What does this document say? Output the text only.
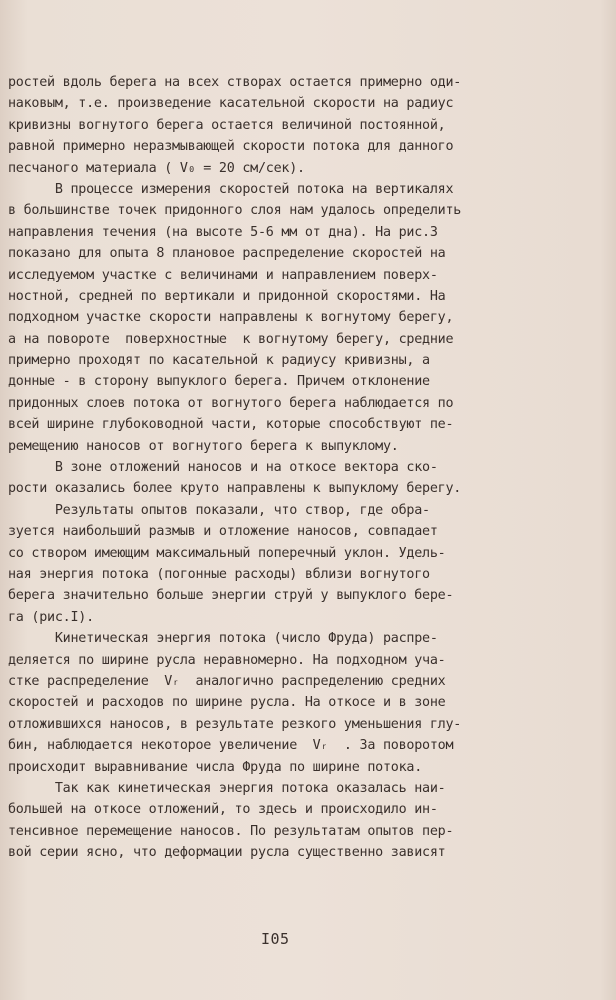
ростей вдоль берега на всех створах остается примерно оди-
наковым, т.е. произведение касательной скорости на радиус
кривизны вогнутого берега остается величиной постоянной,
равной примерно неразмывающей скорости потока для данного
песчаного материала ( V₀ = 20 см/сек).
В процессе измерения скоростей потока на вертикалях
в большинстве точек придонного слоя нам удалось определить
направления течения (на высоте 5-6 мм от дна). На рис.3
показано для опыта 8 плановое распределение скоростей на
исследуемом участке с величинами и направлением поверх-
ностной, средней по вертикали и придонной скоростями. На
подходном участке скорости направлены к вогнутому берегу,
а на повороте  поверхностные  к вогнутому берегу, средние
примерно проходят по касательной к радиусу кривизны, а
донные - в сторону выпуклого берега. Причем отклонение
придонных слоев потока от вогнутого берега наблюдается по
всей ширине глубоководной части, которые способствуют пе-
ремещению наносов от вогнутого берега к выпуклому.
В зоне отложений наносов и на откосе вектора ско-
рости оказались более круто направлены к выпуклому берегу.
Результаты опытов показали, что створ, где обра-
зуется наибольший размыв и отложение наносов, совпадает
со створом имеющим максимальный поперечный уклон. Удель-
ная энергия потока (погонные расходы) вблизи вогнутого
берега значительно больше энергии струй у выпуклого бере-
га (рис.I).
Кинетическая энергия потока (число Фруда) распре-
деляется по ширине русла неравномерно. На подходном уча-
стке распределение  Vᵣ  аналогично распределению средних
скоростей и расходов по ширине русла. На откосе и в зоне
отложившихся наносов, в результате резкого уменьшения глу-
бин, наблюдается некоторое увеличение  Vᵣ  . За поворотом
происходит выравнивание числа Фруда по ширине потока.
Так как кинетическая энергия потока оказалась наи-
большей на откосе отложений, то здесь и происходило ин-
тенсивное перемещение наносов. По результатам опытов пер-
вой серии ясно, что деформации русла существенно зависят
I05
